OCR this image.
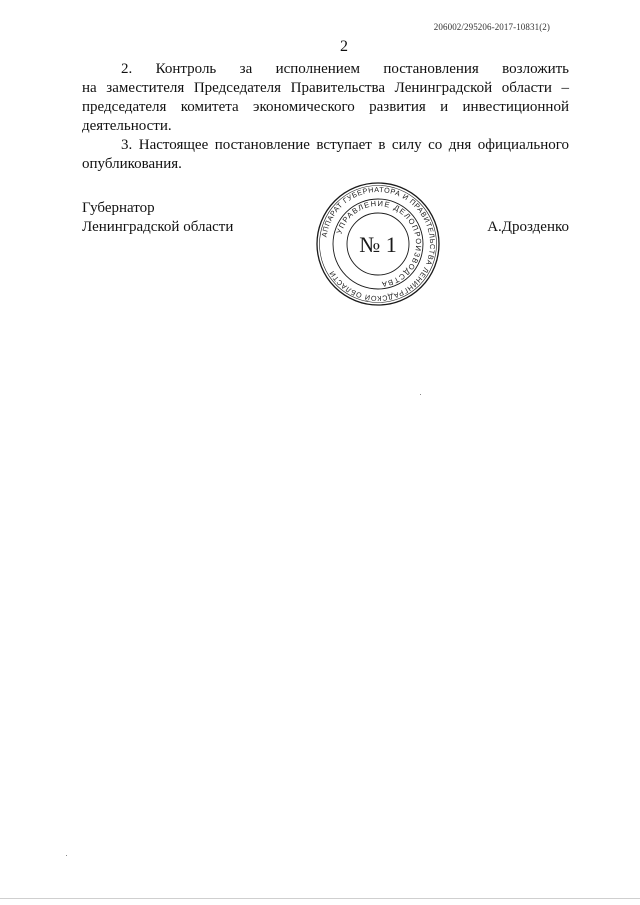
206002/295206-2017-10831(2)
2

2. Контроль за исполнением постановления возложить

на заместителя Председателя Правительства Ленинградской области – председателя комитета экономического развития и инвестиционной деятельности.

3. Настоящее постановление вступает в силу со дня официального опубликования.

Губернатор
Ленинградской области	АППАРАТ ГУБЕРНАТОРА И ПРАВИТЕЛЬСТВА ЛЕНИНГРАДСКОЙ ОБЛАСТИ
УПРАВЛЕНИЕ ДЕЛОПРОИЗВОДСТВА
№ 1
А.Дрозденко
